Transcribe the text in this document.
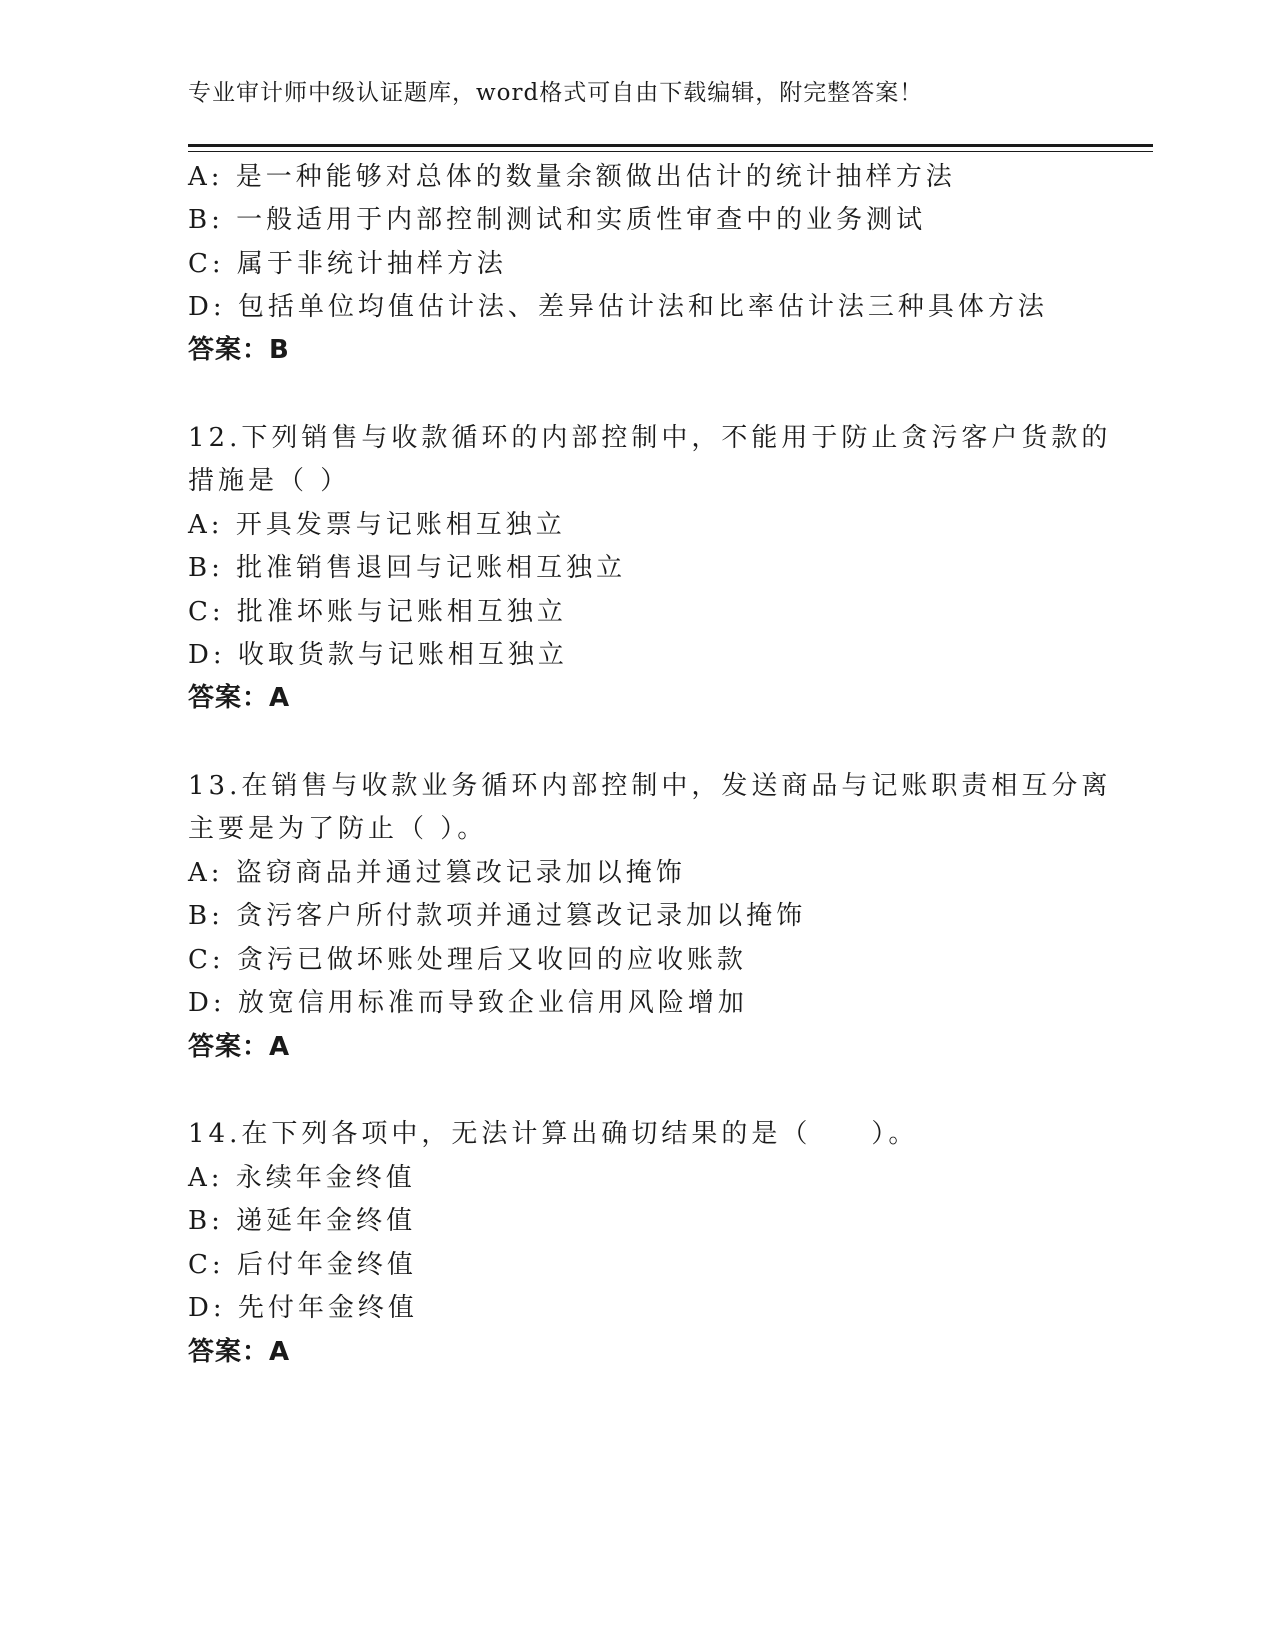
专业审计师中级认证题库，word格式可自由下载编辑，附完整答案！
A: 是一种能够对总体的数量余额做出估计的统计抽样方法
B: 一般适用于内部控制测试和实质性审查中的业务测试
C: 属于非统计抽样方法
D: 包括单位均值估计法、差异估计法和比率估计法三种具体方法
答案：B
12.下列销售与收款循环的内部控制中，不能用于防止贪污客户货款的
措施是（ ）
A: 开具发票与记账相互独立
B: 批准销售退回与记账相互独立
C: 批准坏账与记账相互独立
D: 收取货款与记账相互独立
答案：A
13.在销售与收款业务循环内部控制中，发送商品与记账职责相互分离
主要是为了防止（ ）。
A: 盗窃商品并通过篡改记录加以掩饰
B: 贪污客户所付款项并通过篡改记录加以掩饰
C: 贪污已做坏账处理后又收回的应收账款
D: 放宽信用标准而导致企业信用风险增加
答案：A
14.在下列各项中，无法计算出确切结果的是（　　）。
A: 永续年金终值
B: 递延年金终值
C: 后付年金终值
D: 先付年金终值
答案：A
